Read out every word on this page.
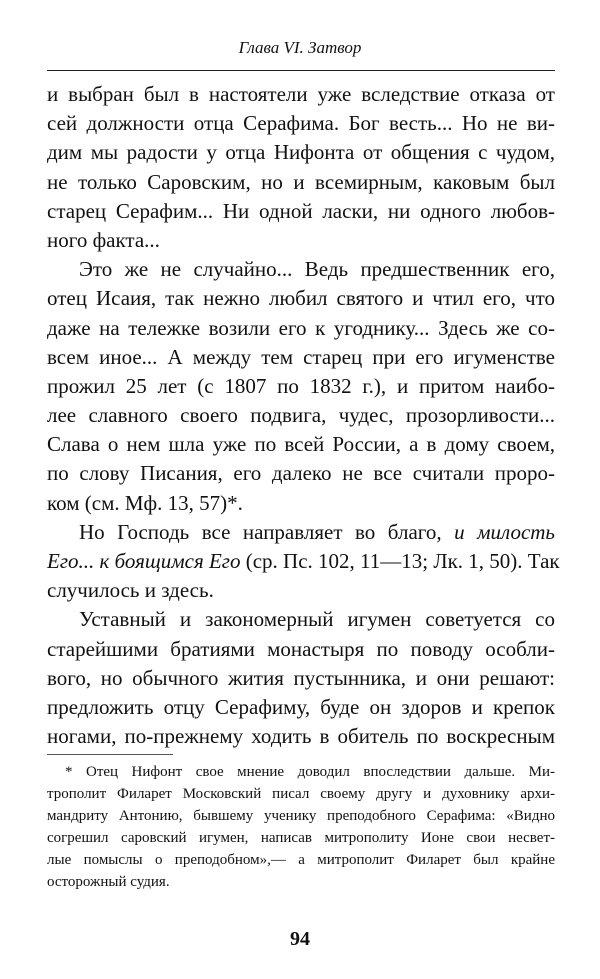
Глава VI. Затвор
и выбран был в настоятели уже вследствие отказа от
сей должности отца Серафима. Бог весть... Но не ви-
дим мы радости у отца Нифонта от общения с чудом,
не только Саровским, но и всемирным, каковым был
старец Серафим... Ни одной ласки, ни одного любов-
ного факта...
Это же не случайно... Ведь предшественник его,
отец Исаия, так нежно любил святого и чтил его, что
даже на тележке возили его к угоднику... Здесь же со-
всем иное... А между тем старец при его игуменстве
прожил 25 лет (с 1807 по 1832 г.), и притом наибо-
лее славного своего подвига, чудес, прозорливости...
Слава о нем шла уже по всей России, а в дому своем,
по слову Писания, его далеко не все считали проро-
ком (см. Мф. 13, 57)*.
Но Господь все направляет во благо, и милость
Его... к боящимся Его (ср. Пс. 102, 11—13; Лк. 1, 50). Так
случилось и здесь.
Уставный и закономерный игумен советуется со
старейшими братиями монастыря по поводу особли-
вого, но обычного жития пустынника, и они решают:
предложить отцу Серафиму, буде он здоров и крепок
ногами, по-прежнему ходить в обитель по воскресным
* Отец Нифонт свое мнение доводил впоследствии дальше. Ми-
трополит Филарет Московский писал своему другу и духовнику архи-
мандриту Антонию, бывшему ученику преподобного Серафима: «Видно
согрешил саровский игумен, написав митрополиту Ионе свои несвет-
лые помыслы о преподобном»,— а митрополит Филарет был крайне
осторожный судия.
94
